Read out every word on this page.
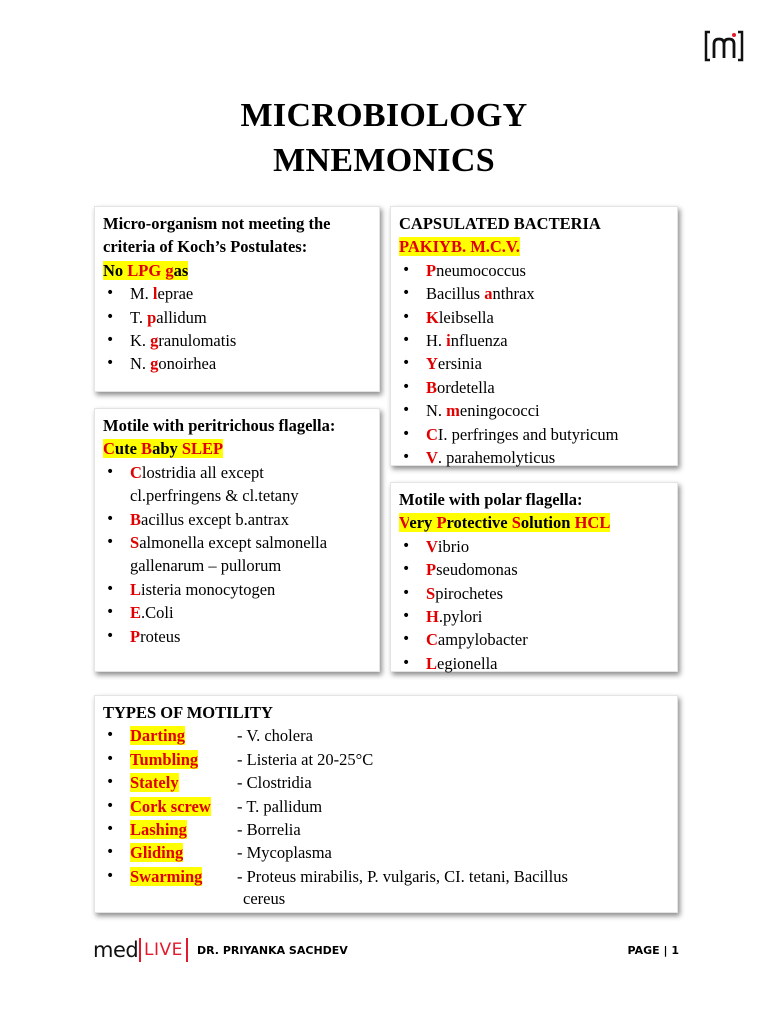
MICROBIOLOGY
MNEMONICS
Micro-organism not meeting the
criteria of Koch’s Postulates:
No LPG gas
• M. leprae
• T. pallidum
• K. granulomatis
• N. gonoirhea
CAPSULATED BACTERIA
PAKIYB. M.C.V.
• Pneumococcus
• Bacillus anthrax
• Kleibsella
• H. influenza
• Yersinia
• Bordetella
• N. meningococci
• CI. perfringes and butyricum
• V. parahemolyticus
Motile with peritrichous flagella:
Cute Baby SLEP
• Clostridia all except
cl.perfringens & cl.tetany
• Bacillus except b.antrax
• Salmonella except salmonella
gallenarum – pullorum
• Listeria monocytogen
• E.Coli
• Proteus
Motile with polar flagella:
Very Protective Solution HCL
• Vibrio
• Pseudomonas
• Spirochetes
• H.pylori
• Campylobacter
• Legionella
TYPES OF MOTILITY
• Darting	- V. cholera
• Tumbling	- Listeria at 20-25°C
• Stately	- Clostridia
• Cork screw	- T. pallidum
• Lashing	- Borrelia
• Gliding	- Mycoplasma
• Swarming	- Proteus mirabilis, P. vulgaris, CI. tetani, Bacillus
cereus
med LIVE	DR. PRIYANKA SACHDEV	PAGE | 1
